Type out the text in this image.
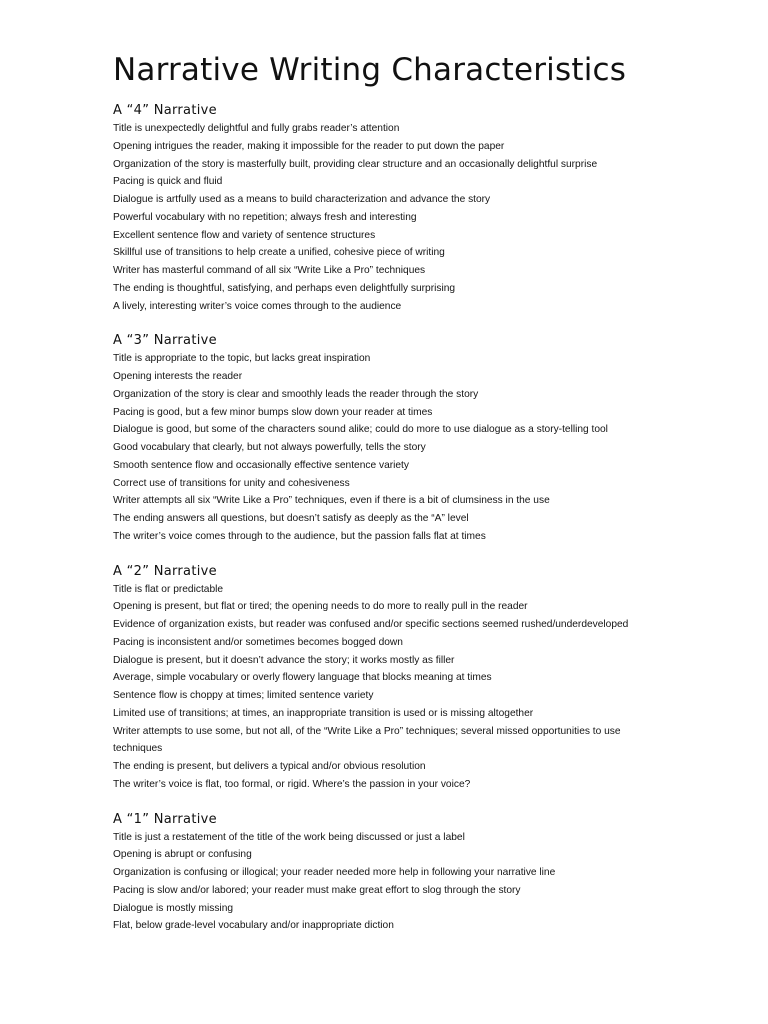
Narrative Writing Characteristics
A “4” Narrative
Title is unexpectedly delightful and fully grabs reader’s attention
Opening intrigues the reader, making it impossible for the reader to put down the paper
Organization of the story is masterfully built, providing clear structure and an occasionally delightful surprise
Pacing is quick and fluid
Dialogue is artfully used as a means to build characterization and advance the story
Powerful vocabulary with no repetition; always fresh and interesting
Excellent sentence flow and variety of sentence structures
Skillful use of transitions to help create a unified, cohesive piece of writing
Writer has masterful command of all six “Write Like a Pro” techniques
The ending is thoughtful, satisfying, and perhaps even delightfully surprising
A lively, interesting writer’s voice comes through to the audience
A “3” Narrative
Title is appropriate to the topic, but lacks great inspiration
Opening interests the reader
Organization of the story is clear and smoothly leads the reader through the story
Pacing is good, but a few minor bumps slow down your reader at times
Dialogue is good, but some of the characters sound alike; could do more to use dialogue as a story-telling tool
Good vocabulary that clearly, but not always powerfully, tells the story
Smooth sentence flow and occasionally effective sentence variety
Correct use of transitions for unity and cohesiveness
Writer attempts all six “Write Like a Pro” techniques, even if there is a bit of clumsiness in the use
The ending answers all questions, but doesn’t satisfy as deeply as the “A” level
The writer’s voice comes through to the audience, but the passion falls flat at times
A “2” Narrative
Title is flat or predictable
Opening is present, but flat or tired; the opening needs to do more to really pull in the reader
Evidence of organization exists, but reader was confused and/or specific sections seemed rushed/underdeveloped
Pacing is inconsistent and/or sometimes becomes bogged down
Dialogue is present, but it doesn’t advance the story; it works mostly as filler
Average, simple vocabulary or overly flowery language that blocks meaning at times
Sentence flow is choppy at times; limited sentence variety
Limited use of transitions; at times, an inappropriate transition is used or is missing altogether
Writer attempts to use some, but not all, of the “Write Like a Pro” techniques; several missed opportunities to use
techniques
The ending is present, but delivers a typical and/or obvious resolution
The writer’s voice is flat, too formal, or rigid. Where’s the passion in your voice?
A “1” Narrative
Title is just a restatement of the title of the work being discussed or just a label
Opening is abrupt or confusing
Organization is confusing or illogical; your reader needed more help in following your narrative line
Pacing is slow and/or labored; your reader must make great effort to slog through the story
Dialogue is mostly missing
Flat, below grade-level vocabulary and/or inappropriate diction
